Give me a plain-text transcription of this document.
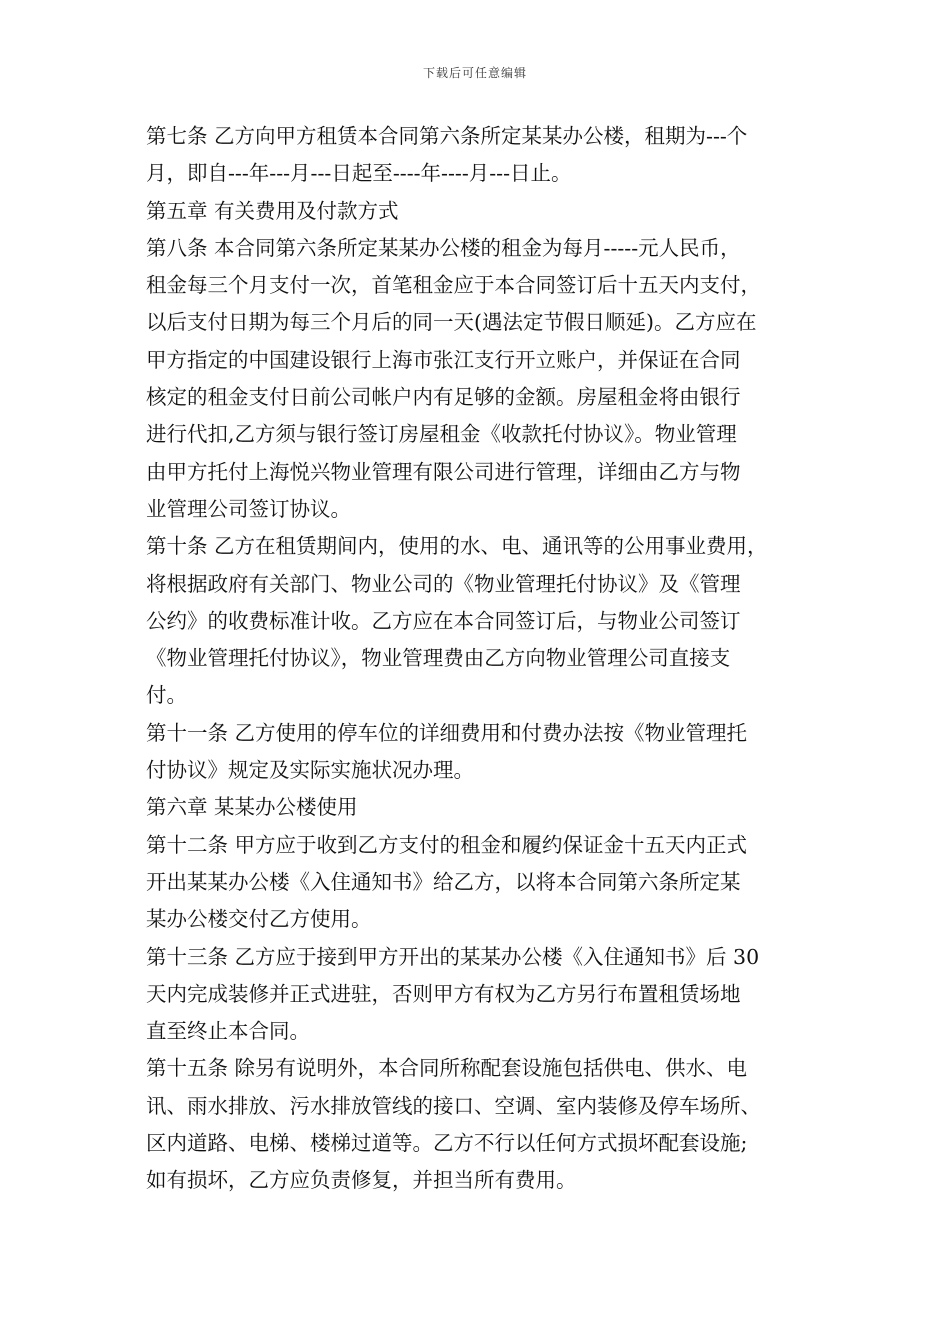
下载后可任意编辑
第七条 乙方向甲方租赁本合同第六条所定某某办公楼，租期为---个
月，即自---年---月---日起至----年----月---日止。
第五章 有关费用及付款方式
第八条 本合同第六条所定某某办公楼的租金为每月-----元人民币，
租金每三个月支付一次，首笔租金应于本合同签订后十五天内支付，
以后支付日期为每三个月后的同一天(遇法定节假日顺延)。乙方应在
甲方指定的中国建设银行上海市张江支行开立账户，并保证在合同
核定的租金支付日前公司帐户内有足够的金额。房屋租金将由银行
进行代扣,乙方须与银行签订房屋租金《收款托付协议》。物业管理
由甲方托付上海悦兴物业管理有限公司进行管理，详细由乙方与物
业管理公司签订协议。
第十条 乙方在租赁期间内，使用的水、电、通讯等的公用事业费用，
将根据政府有关部门、物业公司的《物业管理托付协议》及《管理
公约》的收费标准计收。乙方应在本合同签订后，与物业公司签订
《物业管理托付协议》，物业管理费由乙方向物业管理公司直接支
付。
第十一条 乙方使用的停车位的详细费用和付费办法按《物业管理托
付协议》规定及实际实施状况办理。
第六章 某某办公楼使用
第十二条 甲方应于收到乙方支付的租金和履约保证金十五天内正式
开出某某办公楼《入住通知书》给乙方，以将本合同第六条所定某
某办公楼交付乙方使用。
第十三条 乙方应于接到甲方开出的某某办公楼《入住通知书》后 30
天内完成装修并正式进驻，否则甲方有权为乙方另行布置租赁场地
直至终止本合同。
第十五条 除另有说明外，本合同所称配套设施包括供电、供水、电
讯、雨水排放、污水排放管线的接口、空调、室内装修及停车场所、
区内道路、电梯、楼梯过道等。乙方不行以任何方式损坏配套设施;
如有损坏，乙方应负责修复，并担当所有费用。
